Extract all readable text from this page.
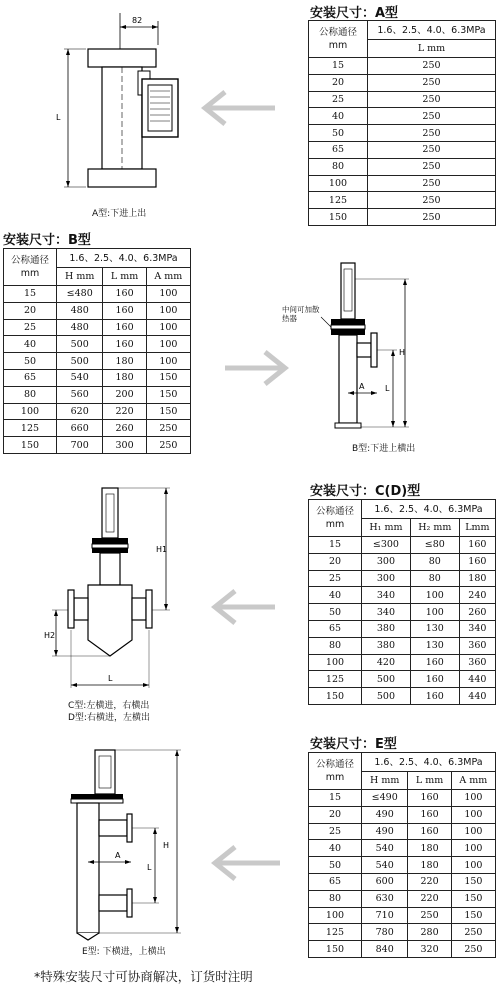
安装尺寸：A型
公称通径 mm	1.6、2.5、4.0、6.3MPa
	L mm
15	250
20	250
25	250
40	250
50	250
65	250
80	250
100	250
125	250
150	250
82
L
A型:下进上出
安装尺寸：B型
公称通径 mm	1.6、2.5、4.0、6.3MPa		
	H mm	L mm	A mm
15	≤480	160	100
20	480	160	100
25	480	160	100
40	500	160	100
50	500	180	100
65	540	180	150
80	560	200	150
100	620	220	150
125	660	260	250
150	700	300	250
H
L
A
中间可加散热器
B型:下进上横出
安装尺寸：C(D)型
公称通径 mm	1.6、2.5、4.0、6.3MPa		
	H₁ mm	H₂ mm	Lmm
15	≤300	≤80	160
20	300	80	160
25	300	80	180
40	340	100	240
50	340	100	260
65	380	130	340
80	380	130	360
100	420	160	360
125	500	160	440
150	500	160	440
H1
H2
L
C型:左横进，右横出
D型:右横进，左横出
安装尺寸：E型
公称通径 mm	1.6、2.5、4.0、6.3MPa		
	H mm	L mm	A mm
15	≤490	160	100
20	490	160	100
25	490	160	100
40	540	180	100
50	540	180	100
65	600	220	150
80	630	220	150
100	710	250	150
125	780	280	250
150	840	320	250
H
L
A
E型: 下横进，上横出
*特殊安装尺寸可协商解决，订货时注明
